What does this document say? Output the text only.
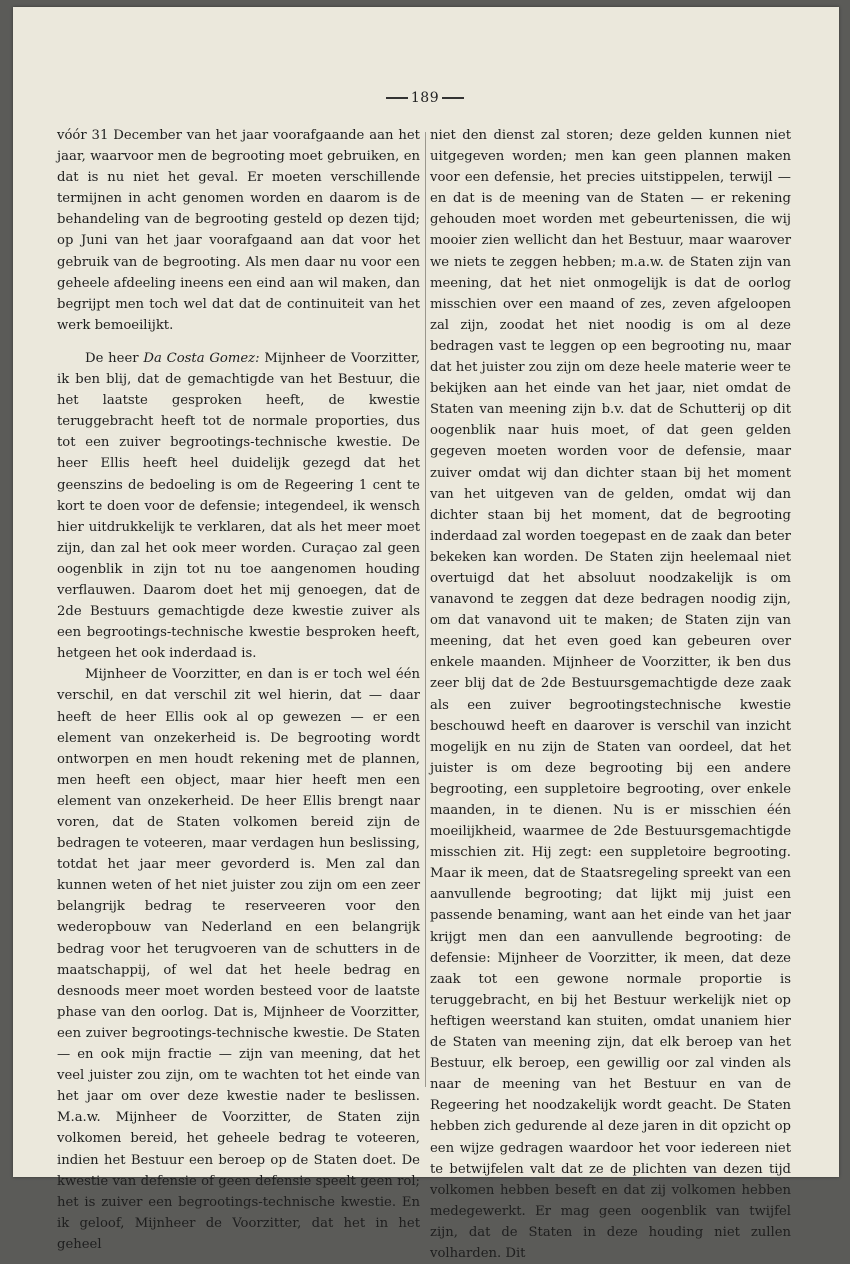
189

vóór 31 December van het jaar voorafgaande aan het jaar, waarvoor men de begrooting moet gebruiken, en dat is nu niet het geval. Er moeten verschillende termijnen in acht genomen worden en daarom is de behandeling van de begrooting gesteld op dezen tijd; op Juni van het jaar voorafgaand aan dat voor het gebruik van de begrooting. Als men daar nu voor een geheele afdeeling ineens een eind aan wil maken, dan begrijpt men toch wel dat dat de continuiteit van het werk bemoeilijkt.

De heer Da Costa Gomez: Mijnheer de Voorzitter, ik ben blij, dat de gemachtigde van het Bestuur, die het laatste gesproken heeft, de kwestie teruggebracht heeft tot de normale proporties, dus tot een zuiver begrootings-technische kwestie. De heer Ellis heeft heel duidelijk gezegd dat het geenszins de bedoeling is om de Regeering 1 cent te kort te doen voor de defensie; integendeel, ik wensch hier uitdrukkelijk te verklaren, dat als het meer moet zijn, dan zal het ook meer worden. Curaçao zal geen oogenblik in zijn tot nu toe aangenomen houding verflauwen. Daarom doet het mij genoegen, dat de 2de Bestuurs gemachtigde deze kwestie zuiver als een begrootings-technische kwestie besproken heeft, hetgeen het ook inderdaad is.

Mijnheer de Voorzitter, en dan is er toch wel één verschil, en dat verschil zit wel hierin, dat — daar heeft de heer Ellis ook al op gewezen — er een element van onzekerheid is. De begrooting wordt ontworpen en men houdt rekening met de plannen, men heeft een object, maar hier heeft men een element van onzekerheid. De heer Ellis brengt naar voren, dat de Staten volkomen bereid zijn de bedragen te voteeren, maar verdagen hun beslissing, totdat het jaar meer gevorderd is. Men zal dan kunnen weten of het niet juister zou zijn om een zeer belangrijk bedrag te reserveeren voor den wederopbouw van Nederland en een belangrijk bedrag voor het terugvoeren van de schutters in de maatschappij, of wel dat het heele bedrag en desnoods meer moet worden besteed voor de laatste phase van den oorlog. Dat is, Mijnheer de Voorzitter, een zuiver begrootings-technische kwestie. De Staten — en ook mijn fractie — zijn van meening, dat het veel juister zou zijn, om te wachten tot het einde van het jaar om over deze kwestie nader te beslissen. M.a.w. Mijnheer de Voorzitter, de Staten zijn volkomen bereid, het geheele bedrag te voteeren, indien het Bestuur een beroep op de Staten doet. De kwestie van defensie of geen defensie speelt geen rol; het is zuiver een begrootings-technische kwestie. En ik geloof, Mijnheer de Voorzitter, dat het in het geheel

niet den dienst zal storen; deze gelden kunnen niet uitgegeven worden; men kan geen plannen maken voor een defensie, het precies uitstippelen, terwijl — en dat is de meening van de Staten — er rekening gehouden moet worden met gebeurtenissen, die wij mooier zien wellicht dan het Bestuur, maar waarover we niets te zeggen hebben; m.a.w. de Staten zijn van meening, dat het niet onmogelijk is dat de oorlog misschien over een maand of zes, zeven afgeloopen zal zijn, zoodat het niet noodig is om al deze bedragen vast te leggen op een begrooting nu, maar dat het juister zou zijn om deze heele materie weer te bekijken aan het einde van het jaar, niet omdat de Staten van meening zijn b.v. dat de Schutterij op dit oogenblik naar huis moet, of dat geen gelden gegeven moeten worden voor de defensie, maar zuiver omdat wij dan dichter staan bij het moment van het uitgeven van de gelden, omdat wij dan dichter staan bij het moment, dat de begrooting inderdaad zal worden toegepast en de zaak dan beter bekeken kan worden. De Staten zijn heelemaal niet overtuigd dat het absoluut noodzakelijk is om vanavond te zeggen dat deze bedragen noodig zijn, om dat vanavond uit te maken; de Staten zijn van meening, dat het even goed kan gebeuren over enkele maanden. Mijnheer de Voorzitter, ik ben dus zeer blij dat de 2de Bestuursgemachtigde deze zaak als een zuiver begrootingstechnische kwestie beschouwd heeft en daarover is verschil van inzicht mogelijk en nu zijn de Staten van oordeel, dat het juister is om deze begrooting bij een andere begrooting, een suppletoire begrooting, over enkele maanden, in te dienen. Nu is er misschien één moeilijkheid, waarmee de 2de Bestuursgemachtigde misschien zit. Hij zegt: een suppletoire begrooting. Maar ik meen, dat de Staatsregeling spreekt van een aanvullende begrooting; dat lijkt mij juist een passende benaming, want aan het einde van het jaar krijgt men dan een aanvullende begrooting: de defensie: Mijnheer de Voorzitter, ik meen, dat deze zaak tot een gewone normale proportie is teruggebracht, en bij het Bestuur werkelijk niet op heftigen weerstand kan stuiten, omdat unaniem hier de Staten van meening zijn, dat elk beroep van het Bestuur, elk beroep, een gewillig oor zal vinden als naar de meening van het Bestuur en van de Regeering het noodzakelijk wordt geacht. De Staten hebben zich gedurende al deze jaren in dit opzicht op een wijze gedragen waardoor het voor iedereen niet te betwijfelen valt dat ze de plichten van dezen tijd volkomen hebben beseft en dat zij volkomen hebben medegewerkt. Er mag geen oogenblik van twijfel zijn, dat de Staten in deze houding niet zullen volharden. Dit
